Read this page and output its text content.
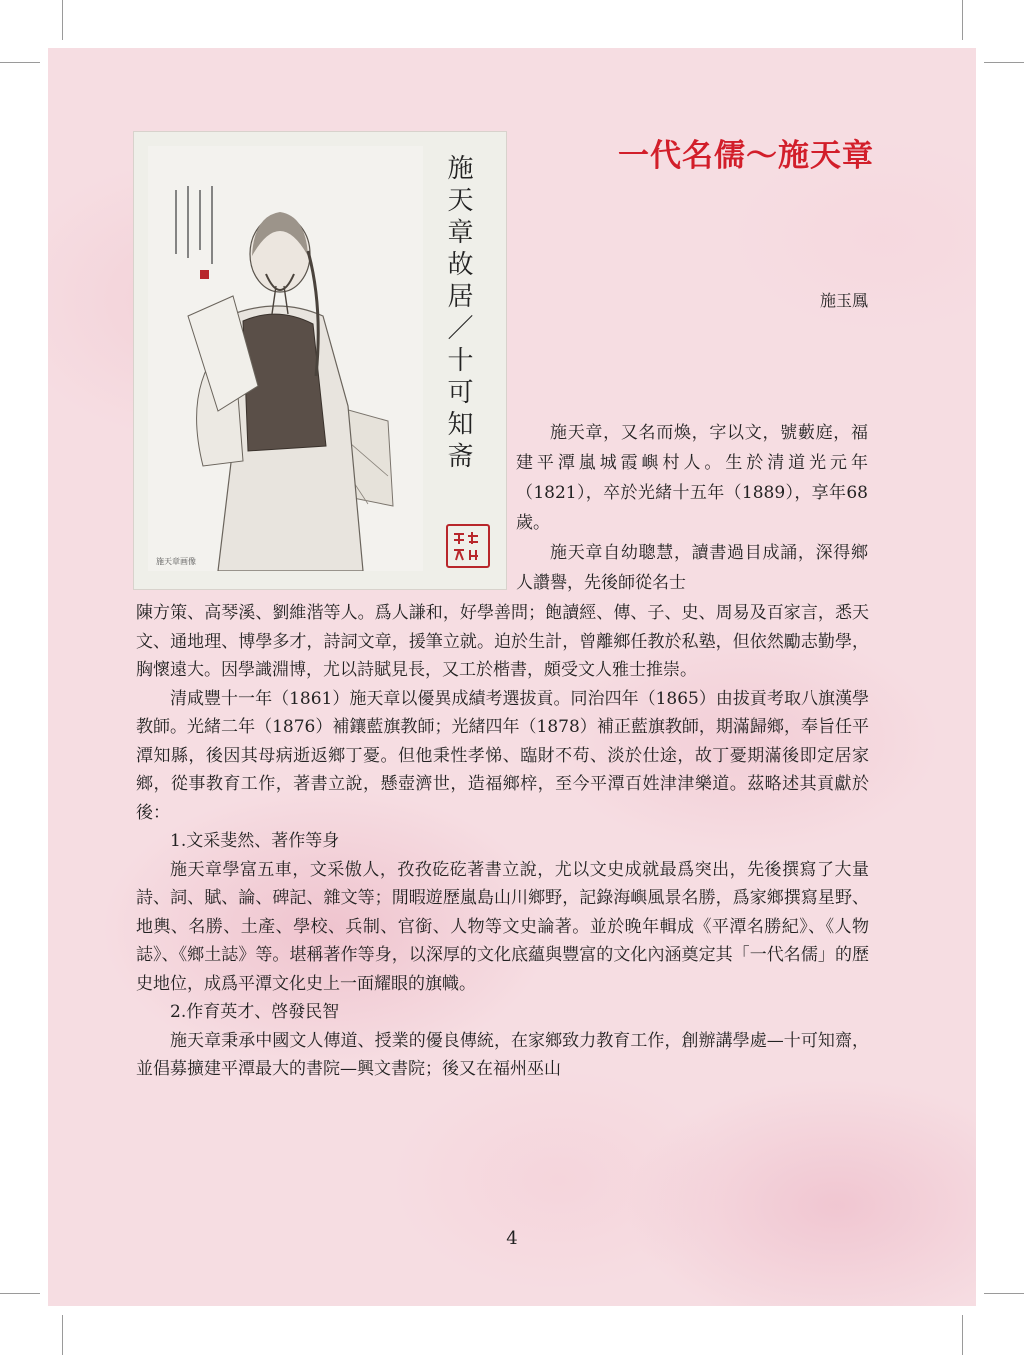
施天章画像
施天章故居／十可知斋	一代名儒～施天章
施玉鳳

施天章，又名而煥，字以文，號藪庭，福建平潭嵐城霞嶼村人。生於清道光元年（1821），卒於光緒十五年（1889），享年68歲。

施天章自幼聰慧，讀書過目成誦，深得鄉人讚譽，先後師從名士

陳方策、高琴溪、劉維湝等人。爲人謙和，好學善問；飽讀經、傳、子、史、周易及百家言，悉天文、通地理、博學多才，詩詞文章，援筆立就。迫於生計，曾離鄉任教於私塾，但依然勵志勤學，胸懷遠大。因學識淵博，尤以詩賦見長，又工於楷書，頗受文人雅士推崇。

清咸豐十一年（1861）施天章以優異成績考選拔貢。同治四年（1865）由拔貢考取八旗漢學教師。光緒二年（1876）補鑲藍旗教師；光緒四年（1878）補正藍旗教師，期滿歸鄉，奉旨任平潭知縣，後因其母病逝返鄉丁憂。但他秉性孝悌、臨財不苟、淡於仕途，故丁憂期滿後即定居家鄉，從事教育工作，著書立說，懸壺濟世，造福鄉梓，至今平潭百姓津津樂道。茲略述其貢獻於後：

1.文采斐然、著作等身

施天章學富五車，文采傲人，孜孜矻矻著書立說，尤以文史成就最爲突出，先後撰寫了大量詩、詞、賦、論、碑記、雜文等；閒暇遊歷嵐島山川鄉野，記錄海嶼風景名勝，爲家鄉撰寫星野、地輿、名勝、土產、學校、兵制、官銜、人物等文史論著。並於晚年輯成《平潭名勝紀》、《人物誌》、《鄉土誌》等。堪稱著作等身，以深厚的文化底蘊與豐富的文化內涵奠定其「一代名儒」的歷史地位，成爲平潭文化史上一面耀眼的旗幟。

2.作育英才、啓發民智

施天章秉承中國文人傳道、授業的優良傳統，在家鄉致力教育工作，創辦講學處—十可知齋，並倡募擴建平潭最大的書院—興文書院；後又在福州巫山

4
